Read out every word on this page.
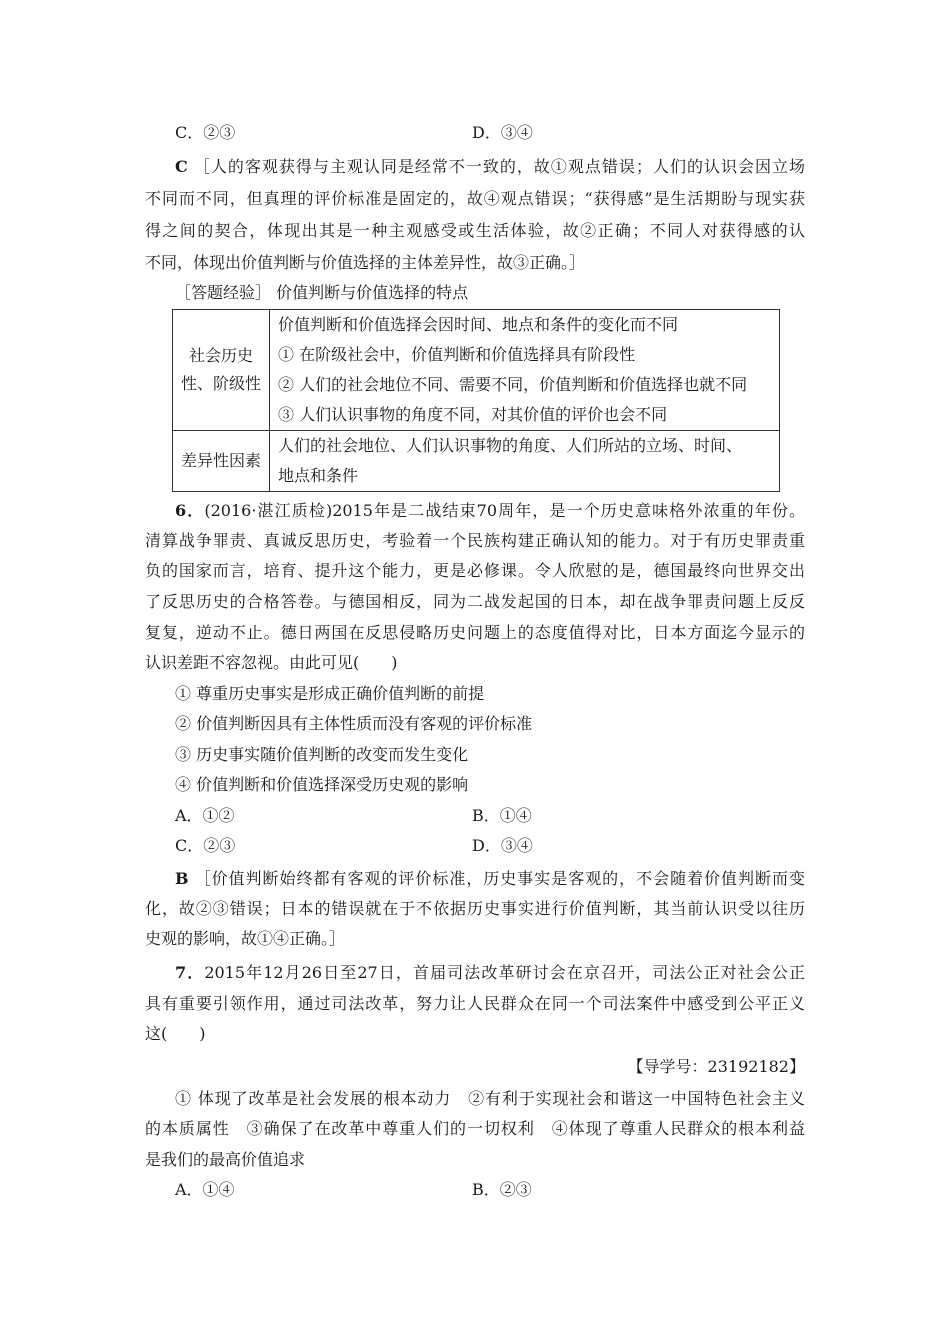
C．②③	D．③④
C ［人的客观获得与主观认同是经常不一致的，故①观点错误；人们的认识会因立场
不同而不同，但真理的评价标准是固定的，故④观点错误；“获得感”是生活期盼与现实获
得之间的契合，体现出其是一种主观感受或生活体验，故②正确；不同人对获得感的认
不同，体现出价值判断与价值选择的主体差异性，故③正确。］
［答题经验］ 价值判断与价值选择的特点
社会历史
性、阶级性	价值判断和价值选择会因时间、地点和条件的变化而不同
① 在阶级社会中，价值判断和价值选择具有阶段性
② 人们的社会地位不同、需要不同，价值判断和价值选择也就不同
③ 人们认识事物的角度不同，对其价值的评价也会不同

差异性因素	人们的社会地位、人们认识事物的角度、人们所站的立场、时间、
地点和条件
6．(2016·湛江质检)2015年是二战结束70周年，是一个历史意味格外浓重的年份。
清算战争罪责、真诚反思历史，考验着一个民族构建正确认知的能力。对于有历史罪责重
负的国家而言，培育、提升这个能力，更是必修课。令人欣慰的是，德国最终向世界交出
了反思历史的合格答卷。与德国相反，同为二战发起国的日本，却在战争罪责问题上反反
复复，逆动不止。德日两国在反思侵略历史问题上的态度值得对比，日本方面迄今显示的
认识差距不容忽视。由此可见(　　)
① 尊重历史事实是形成正确价值判断的前提
② 价值判断因具有主体性质而没有客观的评价标准
③ 历史事实随价值判断的改变而发生变化
④ 价值判断和价值选择深受历史观的影响
A．①②	B．①④
C．②③	D．③④
B ［价值判断始终都有客观的评价标准，历史事实是客观的，不会随着价值判断而变
化，故②③错误；日本的错误就在于不依据历史事实进行价值判断，其当前认识受以往历
史观的影响，故①④正确。］
7．2015年12月26日至27日，首届司法改革研讨会在京召开，司法公正对社会公正
具有重要引领作用，通过司法改革，努力让人民群众在同一个司法案件中感受到公平正义
这(　　)
【导学号：23192182】
① 体现了改革是社会发展的根本动力　②有利于实现社会和谐这一中国特色社会主义
的本质属性　③确保了在改革中尊重人们的一切权利　④体现了尊重人民群众的根本利益
是我们的最高价值追求
A．①④	B．②③
